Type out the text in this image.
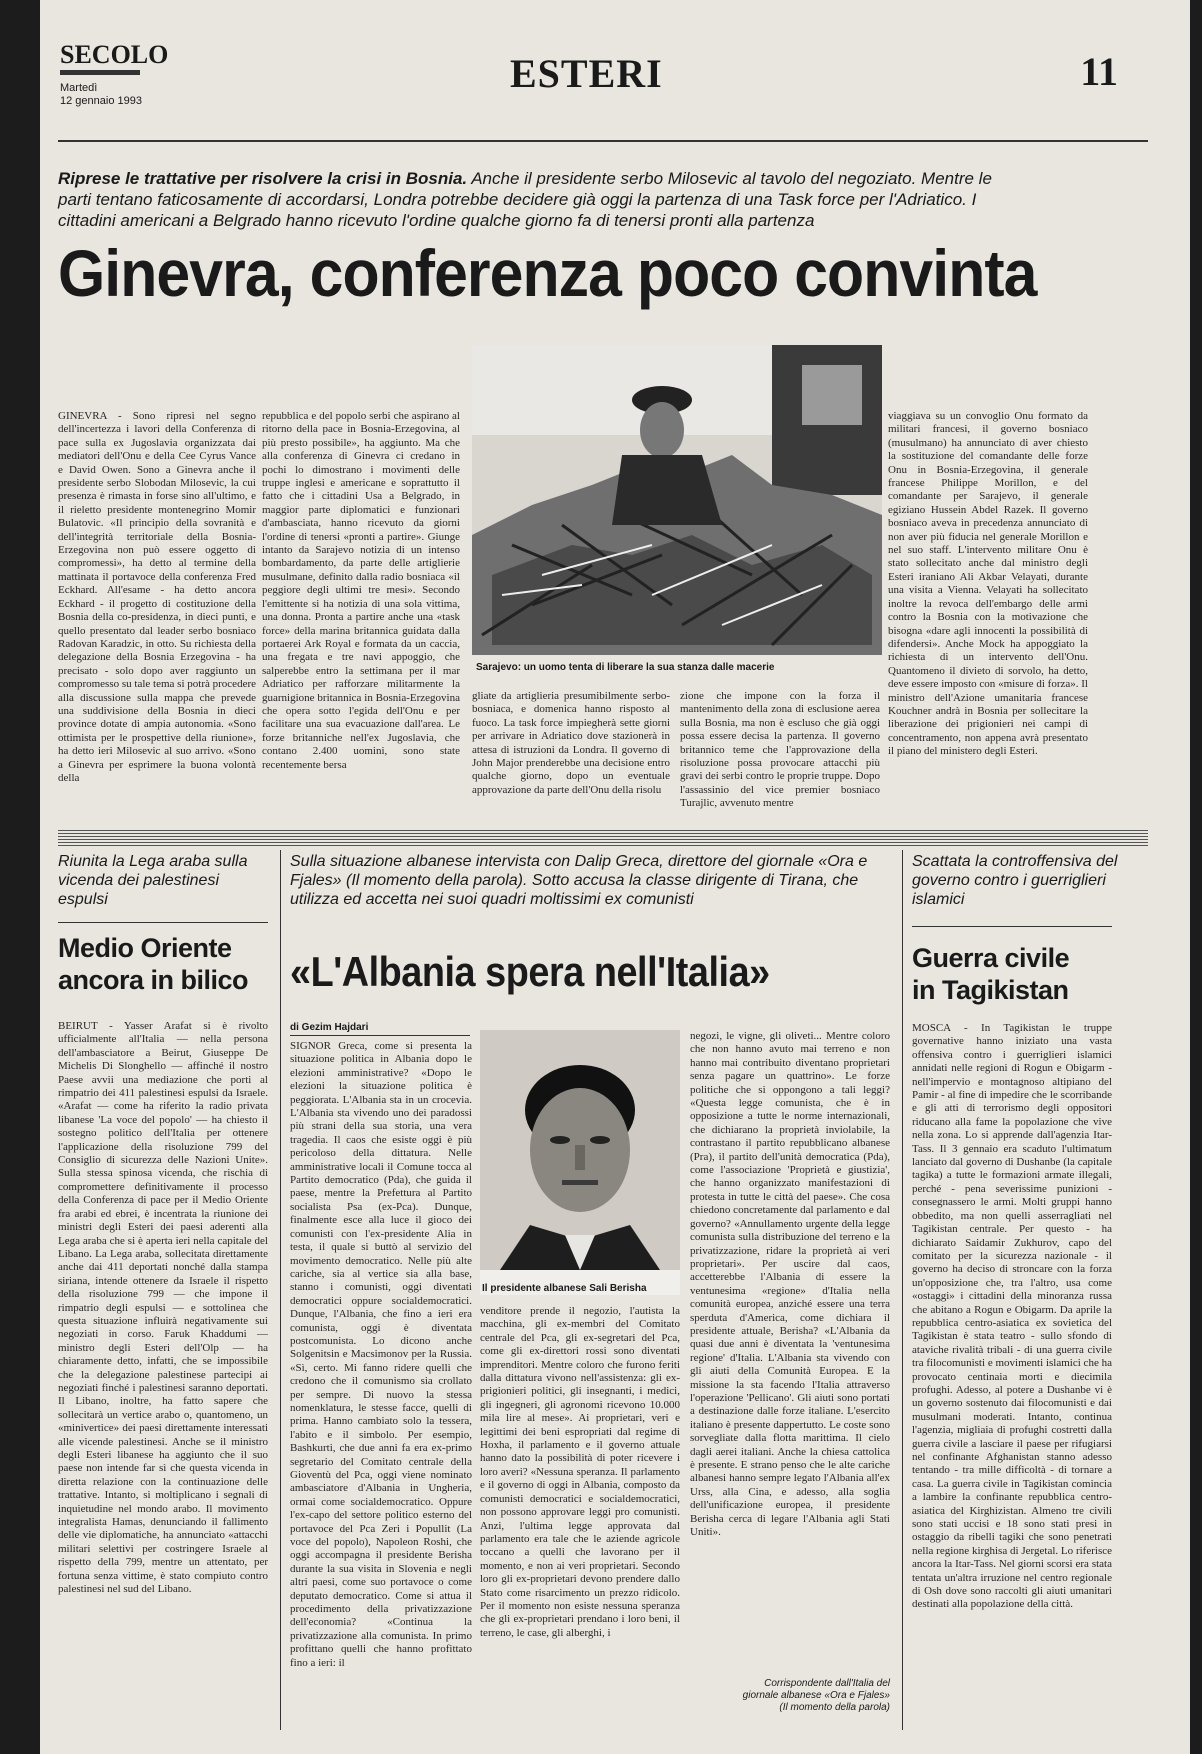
SECOLO
Martedì
12 gennaio 1993
ESTERI	11
Riprese le trattative per risolvere la crisi in Bosnia. Anche il presidente serbo Milosevic al tavolo del negoziato. Mentre le parti tentano faticosamente di accordarsi, Londra potrebbe decidere già oggi la partenza di una Task force per l'Adriatico. I cittadini americani a Belgrado hanno ricevuto l'ordine qualche giorno fa di tenersi pronti alla partenza
Ginevra, conferenza poco convinta

GINEVRA - Sono ripresi nel segno dell'incertezza i lavori della Conferenza di pace sulla ex Jugoslavia organizzata dai mediatori dell'Onu e della Cee Cyrus Vance e David Owen. Sono a Ginevra anche il presidente serbo Slobodan Milosevic, la cui presenza è rimasta in forse sino all'ultimo, e il rieletto presidente montenegrino Momir Bulatovic. «Il principio della sovranità e dell'integrità territoriale della Bosnia-Erzegovina non può essere oggetto di compromessi», ha detto al termine della mattinata il portavoce della conferenza Fred Eckhard. All'esame - ha detto ancora Eckhard - il progetto di costituzione della Bosnia della co-presidenza, in dieci punti, e quello presentato dal leader serbo bosniaco Radovan Karadzic, in otto. Su richiesta della delegazione della Bosnia Erzegovina - ha precisato - solo dopo aver raggiunto un compromesso su tale tema si potrà procedere alla discussione sulla mappa che prevede una suddivisione della Bosnia in dieci province dotate di ampia autonomia. «Sono ottimista per le prospettive della riunione», ha detto ieri Milosevic al suo arrivo. «Sono a Ginevra per esprimere la buona volontà della

repubblica e del popolo serbi che aspirano al ritorno della pace in Bosnia-Erzegovina, al più presto possibile», ha aggiunto. Ma che alla conferenza di Ginevra ci credano in pochi lo dimostrano i movimenti delle truppe inglesi e americane e soprattutto il fatto che i cittadini Usa a Belgrado, in maggior parte diplomatici e funzionari d'ambasciata, hanno ricevuto da giorni l'ordine di tenersi «pronti a partire». Giunge intanto da Sarajevo notizia di un intenso bombardamento, da parte delle artiglierie musulmane, definito dalla radio bosniaca «il peggiore degli ultimi tre mesi». Secondo l'emittente si ha notizia di una sola vittima, una donna. Pronta a partire anche una «task force» della marina britannica guidata dalla portaerei Ark Royal e formata da un caccia, una fregata e tre navi appoggio, che salperebbe entro la settimana per il mar Adriatico per rafforzare militarmente la guarnigione britannica in Bosnia-Erzegovina che opera sotto l'egida dell'Onu e per facilitare una sua evacuazione dall'area. Le forze britanniche nell'ex Jugoslavia, che contano 2.400 uomini, sono state recentemente bersa

Sarajevo: un uomo tenta di liberare la sua stanza dalle macerie

gliate da artiglieria presumibilmente serbo-bosniaca, e domenica hanno risposto al fuoco. La task force impiegherà sette giorni per arrivare in Adriatico dove stazionerà in attesa di istruzioni da Londra. Il governo di John Major prenderebbe una decisione entro qualche giorno, dopo un eventuale approvazione da parte dell'Onu della risolu

zione che impone con la forza il mantenimento della zona di esclusione aerea sulla Bosnia, ma non è escluso che già oggi possa essere decisa la partenza. Il governo britannico teme che l'approvazione della risoluzione possa provocare attacchi più gravi dei serbi contro le proprie truppe. Dopo l'assassinio del vice premier bosniaco Turajlic, avvenuto mentre

viaggiava su un convoglio Onu formato da militari francesi, il governo bosniaco (musulmano) ha annunciato di aver chiesto la sostituzione del comandante delle forze Onu in Bosnia-Erzegovina, il generale francese Philippe Morillon, e del comandante per Sarajevo, il generale egiziano Hussein Abdel Razek. Il governo bosniaco aveva in precedenza annunciato di non aver più fiducia nel generale Morillon e nel suo staff. L'intervento militare Onu è stato sollecitato anche dal ministro degli Esteri iraniano Ali Akbar Velayati, durante una visita a Vienna. Velayati ha sollecitato inoltre la revoca dell'embargo delle armi contro la Bosnia con la motivazione che bisogna «dare agli innocenti la possibilità di difendersi». Anche Mock ha appoggiato la richiesta di un intervento dell'Onu. Quantomeno il divieto di sorvolo, ha detto, deve essere imposto con «misure di forza». Il ministro dell'Azione umanitaria francese Kouchner andrà in Bosnia per sollecitare la liberazione dei prigionieri nei campi di concentramento, non appena avrà presentato il piano del ministero degli Esteri.

Riunita la Lega araba sulla vicenda dei palestinesi espulsi
Medio Oriente
ancora in bilico

BEIRUT - Yasser Arafat si è rivolto ufficialmente all'Italia — nella persona dell'ambasciatore a Beirut, Giuseppe De Michelis Di Slonghello — affinché il nostro Paese avvii una mediazione che porti al rimpatrio dei 411 palestinesi espulsi da Israele. «Arafat — come ha riferito la radio privata libanese 'La voce del popolo' — ha chiesto il sostegno politico dell'Italia per ottenere l'applicazione della risoluzione 799 del Consiglio di sicurezza delle Nazioni Unite». Sulla stessa spinosa vicenda, che rischia di compromettere definitivamente il processo della Conferenza di pace per il Medio Oriente fra arabi ed ebrei, è incentrata la riunione dei ministri degli Esteri dei paesi aderenti alla Lega araba che si è aperta ieri nella capitale del Libano. La Lega araba, sollecitata direttamente anche dai 411 deportati nonché dalla stampa siriana, intende ottenere da Israele il rispetto della risoluzione 799 — che impone il rimpatrio degli espulsi — e sottolinea che questa situazione influirà negativamente sui negoziati in corso. Faruk Khaddumi — ministro degli Esteri dell'Olp — ha chiaramente detto, infatti, che se impossibile che la delegazione palestinese partecipi ai negoziati finché i palestinesi saranno deportati. Il Libano, inoltre, ha fatto sapere che sollecitarà un vertice arabo o, quantomeno, un «minivertice» dei paesi direttamente interessati alle vicende palestinesi. Anche se il ministro degli Esteri libanese ha aggiunto che il suo paese non intende far sì che questa vicenda in diretta relazione con la continuazione delle trattative. Intanto, si moltiplicano i segnali di inquietudine nel mondo arabo. Il movimento integralista Hamas, denunciando il fallimento delle vie diplomatiche, ha annunciato «attacchi militari selettivi per costringere Israele al rispetto della 799, mentre un attentato, per fortuna senza vittime, è stato compiuto contro palestinesi nel sud del Libano.

Sulla situazione albanese intervista con Dalip Greca, direttore del giornale «Ora e Fjales» (Il momento della parola). Sotto accusa la classe dirigente di Tirana, che utilizza ed accetta nei suoi quadri moltissimi ex comunisti
«L'Albania spera nell'Italia»
di Gezim Hajdari

SIGNOR Greca, come si presenta la situazione politica in Albania dopo le elezioni amministrative? «Dopo le elezioni la situazione politica è peggiorata. L'Albania sta in un crocevia. L'Albania sta vivendo uno dei paradossi più strani della sua storia, una vera tragedia. Il caos che esiste oggi è più pericoloso della dittatura. Nelle amministrative locali il Comune tocca al Partito democratico (Pda), che guida il paese, mentre la Prefettura al Partito socialista Psa (ex-Pca). Dunque, finalmente esce alla luce il gioco dei comunisti con l'ex-presidente Alia in testa, il quale si buttò al servizio del movimento democratico. Nelle più alte cariche, sia al vertice sia alla base, stanno i comunisti, oggi diventati democratici oppure socialdemocratici. Dunque, l'Albania, che fino a ieri era comunista, oggi è diventata postcomunista. Lo dicono anche Solgenitsin e Macsimonov per la Russia. «Sì, certo. Mi fanno ridere quelli che credono che il comunismo sia crollato per sempre. Di nuovo la stessa nomenklatura, le stesse facce, quelli di prima. Hanno cambiato solo la tessera, l'abito e il simbolo. Per esempio, Bashkurti, che due anni fa era ex-primo segretario del Comitato centrale della Gioventù del Pca, oggi viene nominato ambasciatore d'Albania in Ungheria, ormai come socialdemocratico. Oppure l'ex-capo del settore politico esterno del portavoce del Pca Zeri i Popullit (La voce del popolo), Napoleon Roshi, che oggi accompagna il presidente Berisha durante la sua visita in Slovenia e negli altri paesi, come suo portavoce o come deputato democratico. Come si attua il procedimento della privatizzazione dell'economia? «Continua la privatizzazione alla comunista. In primo profittano quelli che hanno profittato fino a ieri: il

Il presidente albanese Sali Berisha

venditore prende il negozio, l'autista la macchina, gli ex-membri del Comitato centrale del Pca, gli ex-segretari del Pca, come gli ex-direttori rossi sono diventati imprenditori. Mentre coloro che furono feriti dalla dittatura vivono nell'assistenza: gli ex-prigionieri politici, gli insegnanti, i medici, gli ingegneri, gli agronomi ricevono 10.000 mila lire al mese». Ai proprietari, veri e legittimi dei beni espropriati dal regime di Hoxha, il parlamento e il governo attuale hanno dato la possibilità di poter ricevere i loro averi? «Nessuna speranza. Il parlamento e il governo di oggi in Albania, composto da comunisti democratici e socialdemocratici, non possono approvare leggi pro comunisti. Anzi, l'ultima legge approvata dal parlamento era tale che le aziende agricole toccano a quelli che lavorano per il momento, e non ai veri proprietari. Secondo loro gli ex-proprietari devono prendere dallo Stato come risarcimento un prezzo ridicolo. Per il momento non esiste nessuna speranza che gli ex-proprietari prendano i loro beni, il terreno, le case, gli alberghi, i

negozi, le vigne, gli oliveti... Mentre coloro che non hanno avuto mai terreno e non hanno mai contribuito diventano proprietari senza pagare un quattrino». Le forze politiche che si oppongono a tali leggi? «Questa legge comunista, che è in opposizione a tutte le norme internazionali, che dichiarano la proprietà inviolabile, la contrastano il partito repubblicano albanese (Pra), il partito dell'unità democratica (Pda), come l'associazione 'Proprietà e giustizia', che hanno organizzato manifestazioni di protesta in tutte le città del paese». Che cosa chiedono concretamente dal parlamento e dal governo? «Annullamento urgente della legge comunista sulla distribuzione del terreno e la privatizzazione, ridare la proprietà ai veri proprietari». Per uscire dal caos, accetterebbe l'Albania di essere la ventunesima «regione» d'Italia nella comunità europea, anziché essere una terra sperduta d'America, come dichiara il presidente attuale, Berisha? «L'Albania da quasi due anni è diventata la 'ventunesima regione' d'Italia. L'Albania sta vivendo con gli aiuti della Comunità Europea. E la missione la sta facendo l'Italia attraverso l'operazione 'Pellicano'. Gli aiuti sono portati a destinazione dalle forze italiane. L'esercito italiano è presente dappertutto. Le coste sono sorvegliate dalla flotta marittima. Il cielo dagli aerei italiani. Anche la chiesa cattolica è presente. E strano penso che le alte cariche albanesi hanno sempre legato l'Albania all'ex Urss, alla Cina, e adesso, alla soglia dell'unificazione europea, il presidente Berisha cerca di legare l'Albania agli Stati Uniti».

Corrispondente dall'Italia del giornale albanese «Ora e Fjales» (Il momento della parola)
Scattata la controffensiva del governo contro i guerriglieri islamici
Guerra civile
in Tagikistan

MOSCA - In Tagikistan le truppe governative hanno iniziato una vasta offensiva contro i guerriglieri islamici annidati nelle regioni di Rogun e Obigarm - nell'impervio e montagnoso altipiano del Pamir - al fine di impedire che le scorribande e gli atti di terrorismo degli oppositori riducano alla fame la popolazione che vive nella zona. Lo si apprende dall'agenzia Itar-Tass. Il 3 gennaio era scaduto l'ultimatum lanciato dal governo di Dushanbe (la capitale tagika) a tutte le formazioni armate illegali, perché - pena severissime punizioni - consegnassero le armi. Molti gruppi hanno obbedito, ma non quelli asserragliati nel Tagikistan centrale. Per questo - ha dichiarato Saidamir Zukhurov, capo del comitato per la sicurezza nazionale - il governo ha deciso di stroncare con la forza un'opposizione che, tra l'altro, usa come «ostaggi» i cittadini della minoranza russa che abitano a Rogun e Obigarm. Da aprile la repubblica centro-asiatica ex sovietica del Tagikistan è stata teatro - sullo sfondo di ataviche rivalità tribali - di una guerra civile tra filocomunisti e movimenti islamici che ha provocato centinaia morti e diecimila profughi. Adesso, al potere a Dushanbe vi è un governo sostenuto dai filocomunisti e dai musulmani moderati. Intanto, continua l'agenzia, migliaia di profughi costretti dalla guerra civile a lasciare il paese per rifugiarsi nel confinante Afghanistan stanno adesso tentando - tra mille difficoltà - di tornare a casa. La guerra civile in Tagikistan comincia a lambire la confinante repubblica centro-asiatica del Kirghizistan. Almeno tre civili sono stati uccisi e 18 sono stati presi in ostaggio da ribelli tagiki che sono penetrati nella regione kirghisa di Jergetal. Lo riferisce ancora la Itar-Tass. Nel giorni scorsi era stata tentata un'altra irruzione nel centro regionale di Osh dove sono raccolti gli aiuti umanitari destinati alla popolazione della città.
